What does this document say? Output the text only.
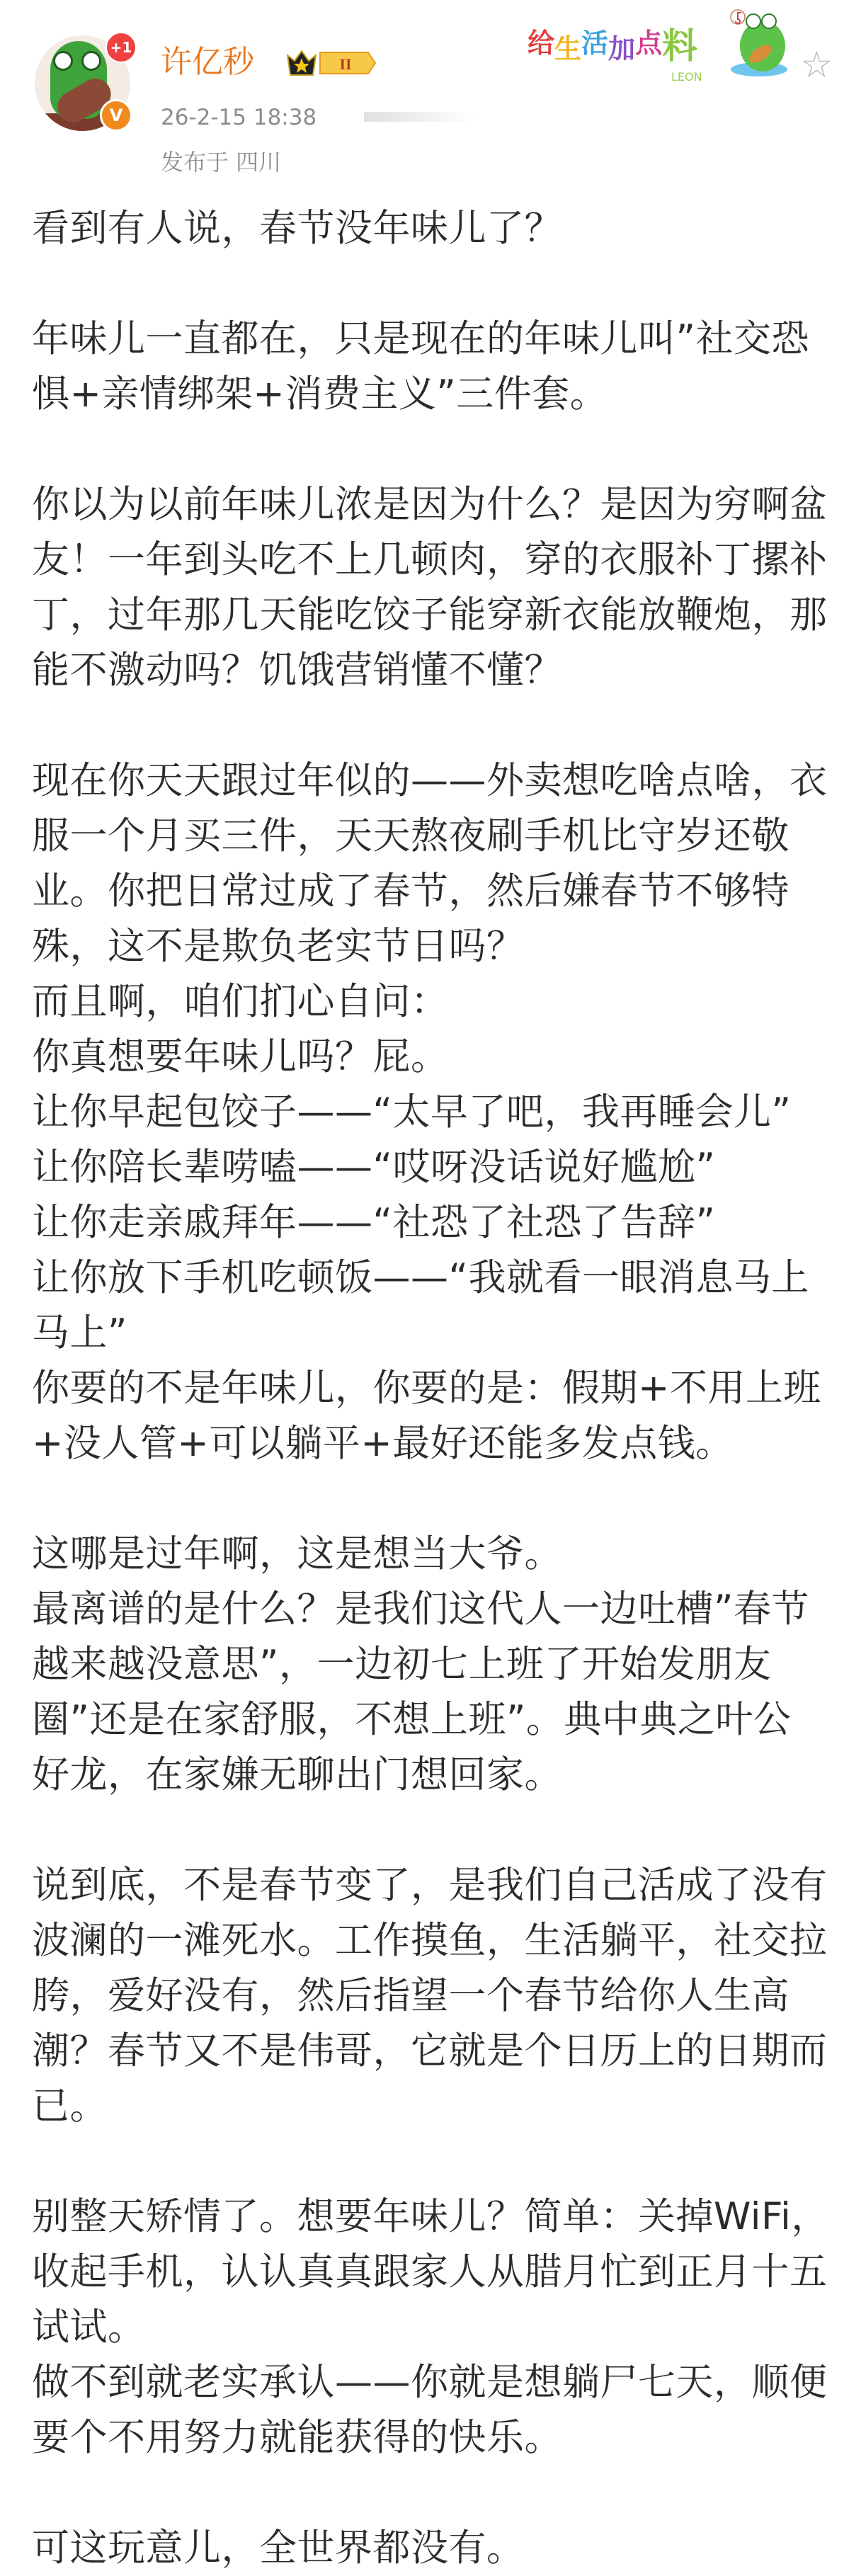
+1
V
许亿秒	II
26-2-15 18:38
发布于 四川
给生活加点料
LEON	☆
看到有人说，春节没年味儿了？
年味儿一直都在，只是现在的年味儿叫”社交恐
惧+亲情绑架+消费主义”三件套。
你以为以前年味儿浓是因为什么？是因为穷啊盆
友！一年到头吃不上几顿肉，穿的衣服补丁摞补
丁，过年那几天能吃饺子能穿新衣能放鞭炮，那
能不激动吗？饥饿营销懂不懂？
现在你天天跟过年似的——外卖想吃啥点啥，衣
服一个月买三件，天天熬夜刷手机比守岁还敬
业。你把日常过成了春节，然后嫌春节不够特
殊，这不是欺负老实节日吗？
而且啊，咱们扪心自问：
你真想要年味儿吗？屁。
让你早起包饺子——“太早了吧，我再睡会儿”
让你陪长辈唠嗑——“哎呀没话说好尴尬”
让你走亲戚拜年——“社恐了社恐了告辞”
让你放下手机吃顿饭——“我就看一眼消息马上
马上”
你要的不是年味儿，你要的是：假期+不用上班
+没人管+可以躺平+最好还能多发点钱。
这哪是过年啊，这是想当大爷。
最离谱的是什么？是我们这代人一边吐槽”春节
越来越没意思”，一边初七上班了开始发朋友
圈”还是在家舒服，不想上班”。典中典之叶公
好龙，在家嫌无聊出门想回家。
说到底，不是春节变了，是我们自己活成了没有
波澜的一滩死水。工作摸鱼，生活躺平，社交拉
胯，爱好没有，然后指望一个春节给你人生高
潮？春节又不是伟哥，它就是个日历上的日期而
已。
别整天矫情了。想要年味儿？简单：关掉WiFi，
收起手机，认认真真跟家人从腊月忙到正月十五
试试。
做不到就老实承认——你就是想躺尸七天，顺便
要个不用努力就能获得的快乐。
可这玩意儿，全世界都没有。
